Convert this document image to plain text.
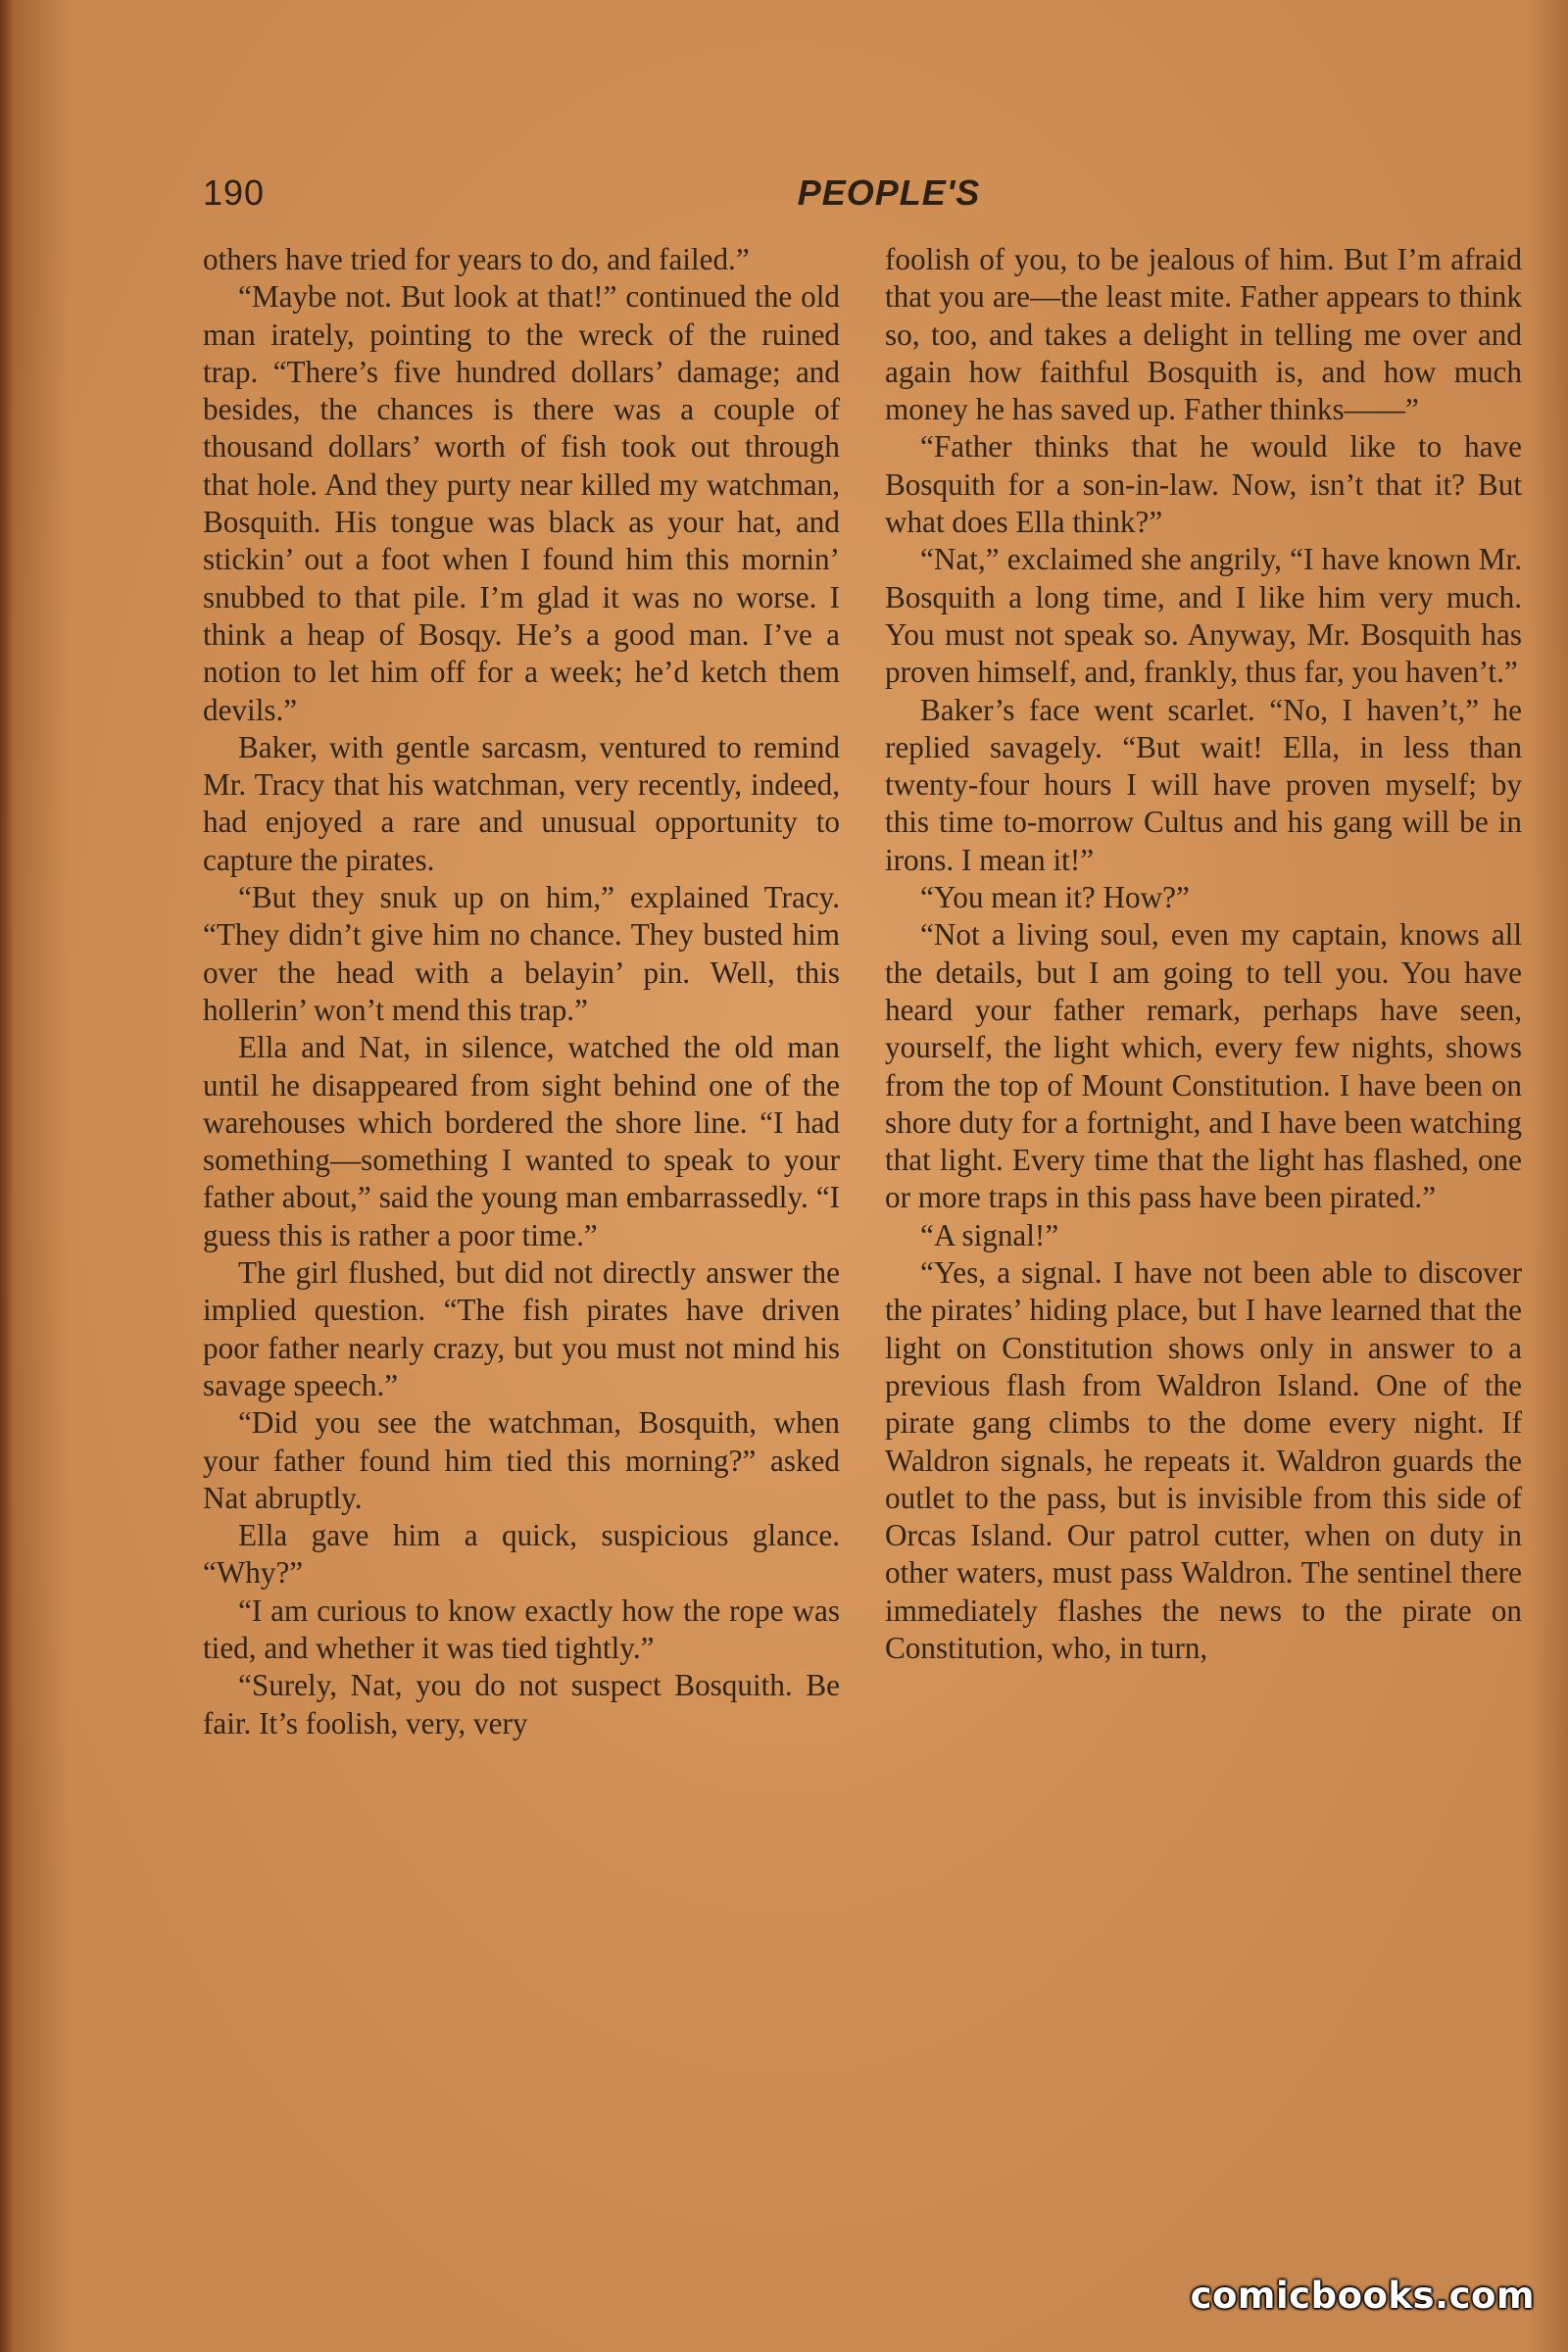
190	PEOPLE'S

others have tried for years to do, and failed.”

“Maybe not. But look at that!” continued the old man irately, pointing to the wreck of the ruined trap. “There’s five hundred dollars’ damage; and besides, the chances is there was a couple of thousand dollars’ worth of fish took out through that hole. And they purty near killed my watchman, Bosquith. His tongue was black as your hat, and stickin’ out a foot when I found him this mornin’ snubbed to that pile. I’m glad it was no worse. I think a heap of Bosqy. He’s a good man. I’ve a notion to let him off for a week; he’d ketch them devils.”

Baker, with gentle sarcasm, ventured to remind Mr. Tracy that his watchman, very recently, indeed, had enjoyed a rare and unusual opportunity to capture the pirates.

“But they snuk up on him,” explained Tracy. “They didn’t give him no chance. They busted him over the head with a belayin’ pin. Well, this hollerin’ won’t mend this trap.”

Ella and Nat, in silence, watched the old man until he disappeared from sight behind one of the warehouses which bordered the shore line. “I had something—something I wanted to speak to your father about,” said the young man embarrassedly. “I guess this is rather a poor time.”

The girl flushed, but did not directly answer the implied question. “The fish pirates have driven poor father nearly crazy, but you must not mind his savage speech.”

“Did you see the watchman, Bosquith, when your father found him tied this morning?” asked Nat abruptly.

Ella gave him a quick, suspicious glance. “Why?”

“I am curious to know exactly how the rope was tied, and whether it was tied tightly.”

“Surely, Nat, you do not suspect Bosquith. Be fair. It’s foolish, very, very

foolish of you, to be jealous of him. But I’m afraid that you are—the least mite. Father appears to think so, too, and takes a delight in telling me over and again how faithful Bosquith is, and how much money he has saved up. Father thinks——”

“Father thinks that he would like to have Bosquith for a son-in-law. Now, isn’t that it? But what does Ella think?”

“Nat,” exclaimed she angrily, “I have known Mr. Bosquith a long time, and I like him very much. You must not speak so. Anyway, Mr. Bosquith has proven himself, and, frankly, thus far, you haven’t.”

Baker’s face went scarlet. “No, I haven’t,” he replied savagely. “But wait! Ella, in less than twenty-four hours I will have proven myself; by this time to-morrow Cultus and his gang will be in irons. I mean it!”

“You mean it? How?”

“Not a living soul, even my captain, knows all the details, but I am going to tell you. You have heard your father remark, perhaps have seen, yourself, the light which, every few nights, shows from the top of Mount Constitution. I have been on shore duty for a fortnight, and I have been watching that light. Every time that the light has flashed, one or more traps in this pass have been pirated.”

“A signal!”

“Yes, a signal. I have not been able to discover the pirates’ hiding place, but I have learned that the light on Constitution shows only in answer to a previous flash from Waldron Island. One of the pirate gang climbs to the dome every night. If Waldron signals, he repeats it. Waldron guards the outlet to the pass, but is invisible from this side of Orcas Island. Our patrol cutter, when on duty in other waters, must pass Waldron. The sentinel there immediately flashes the news to the pirate on Constitution, who, in turn,

comicbooks.com
